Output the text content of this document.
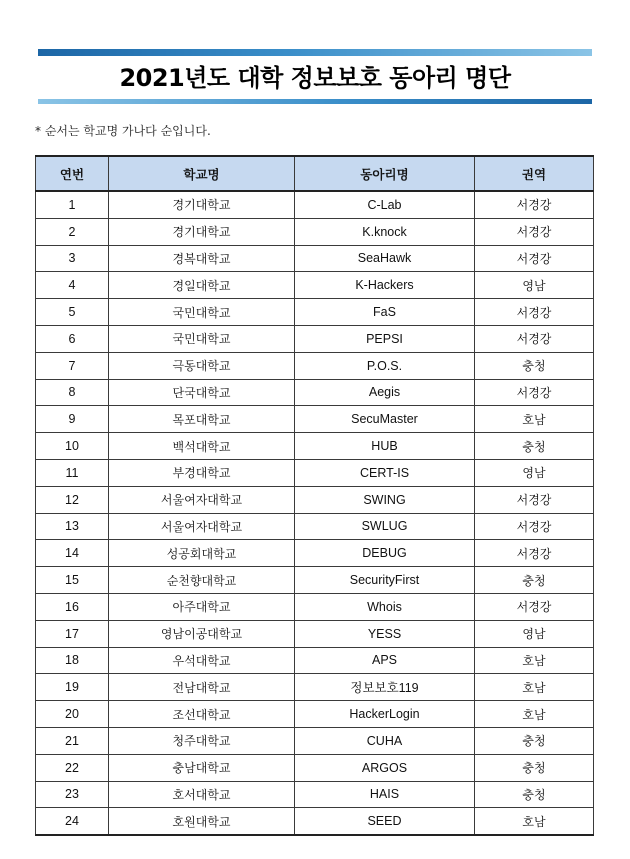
2021년도 대학 정보보호 동아리 명단
* 순서는 학교명 가나다 순입니다.
연번	학교명	동아리명	권역
1	경기대학교	C-Lab	서경강
2	경기대학교	K.knock	서경강
3	경복대학교	SeaHawk	서경강
4	경일대학교	K-Hackers	영남
5	국민대학교	FaS	서경강
6	국민대학교	PEPSI	서경강
7	극동대학교	P.O.S.	충청
8	단국대학교	Aegis	서경강
9	목포대학교	SecuMaster	호남
10	백석대학교	HUB	충청
11	부경대학교	CERT-IS	영남
12	서울여자대학교	SWING	서경강
13	서울여자대학교	SWLUG	서경강
14	성공회대학교	DEBUG	서경강
15	순천향대학교	SecurityFirst	충청
16	아주대학교	Whois	서경강
17	영남이공대학교	YESS	영남
18	우석대학교	APS	호남
19	전남대학교	정보보호119	호남
20	조선대학교	HackerLogin	호남
21	청주대학교	CUHA	충청
22	충남대학교	ARGOS	충청
23	호서대학교	HAIS	충청
24	호원대학교	SEED	호남
